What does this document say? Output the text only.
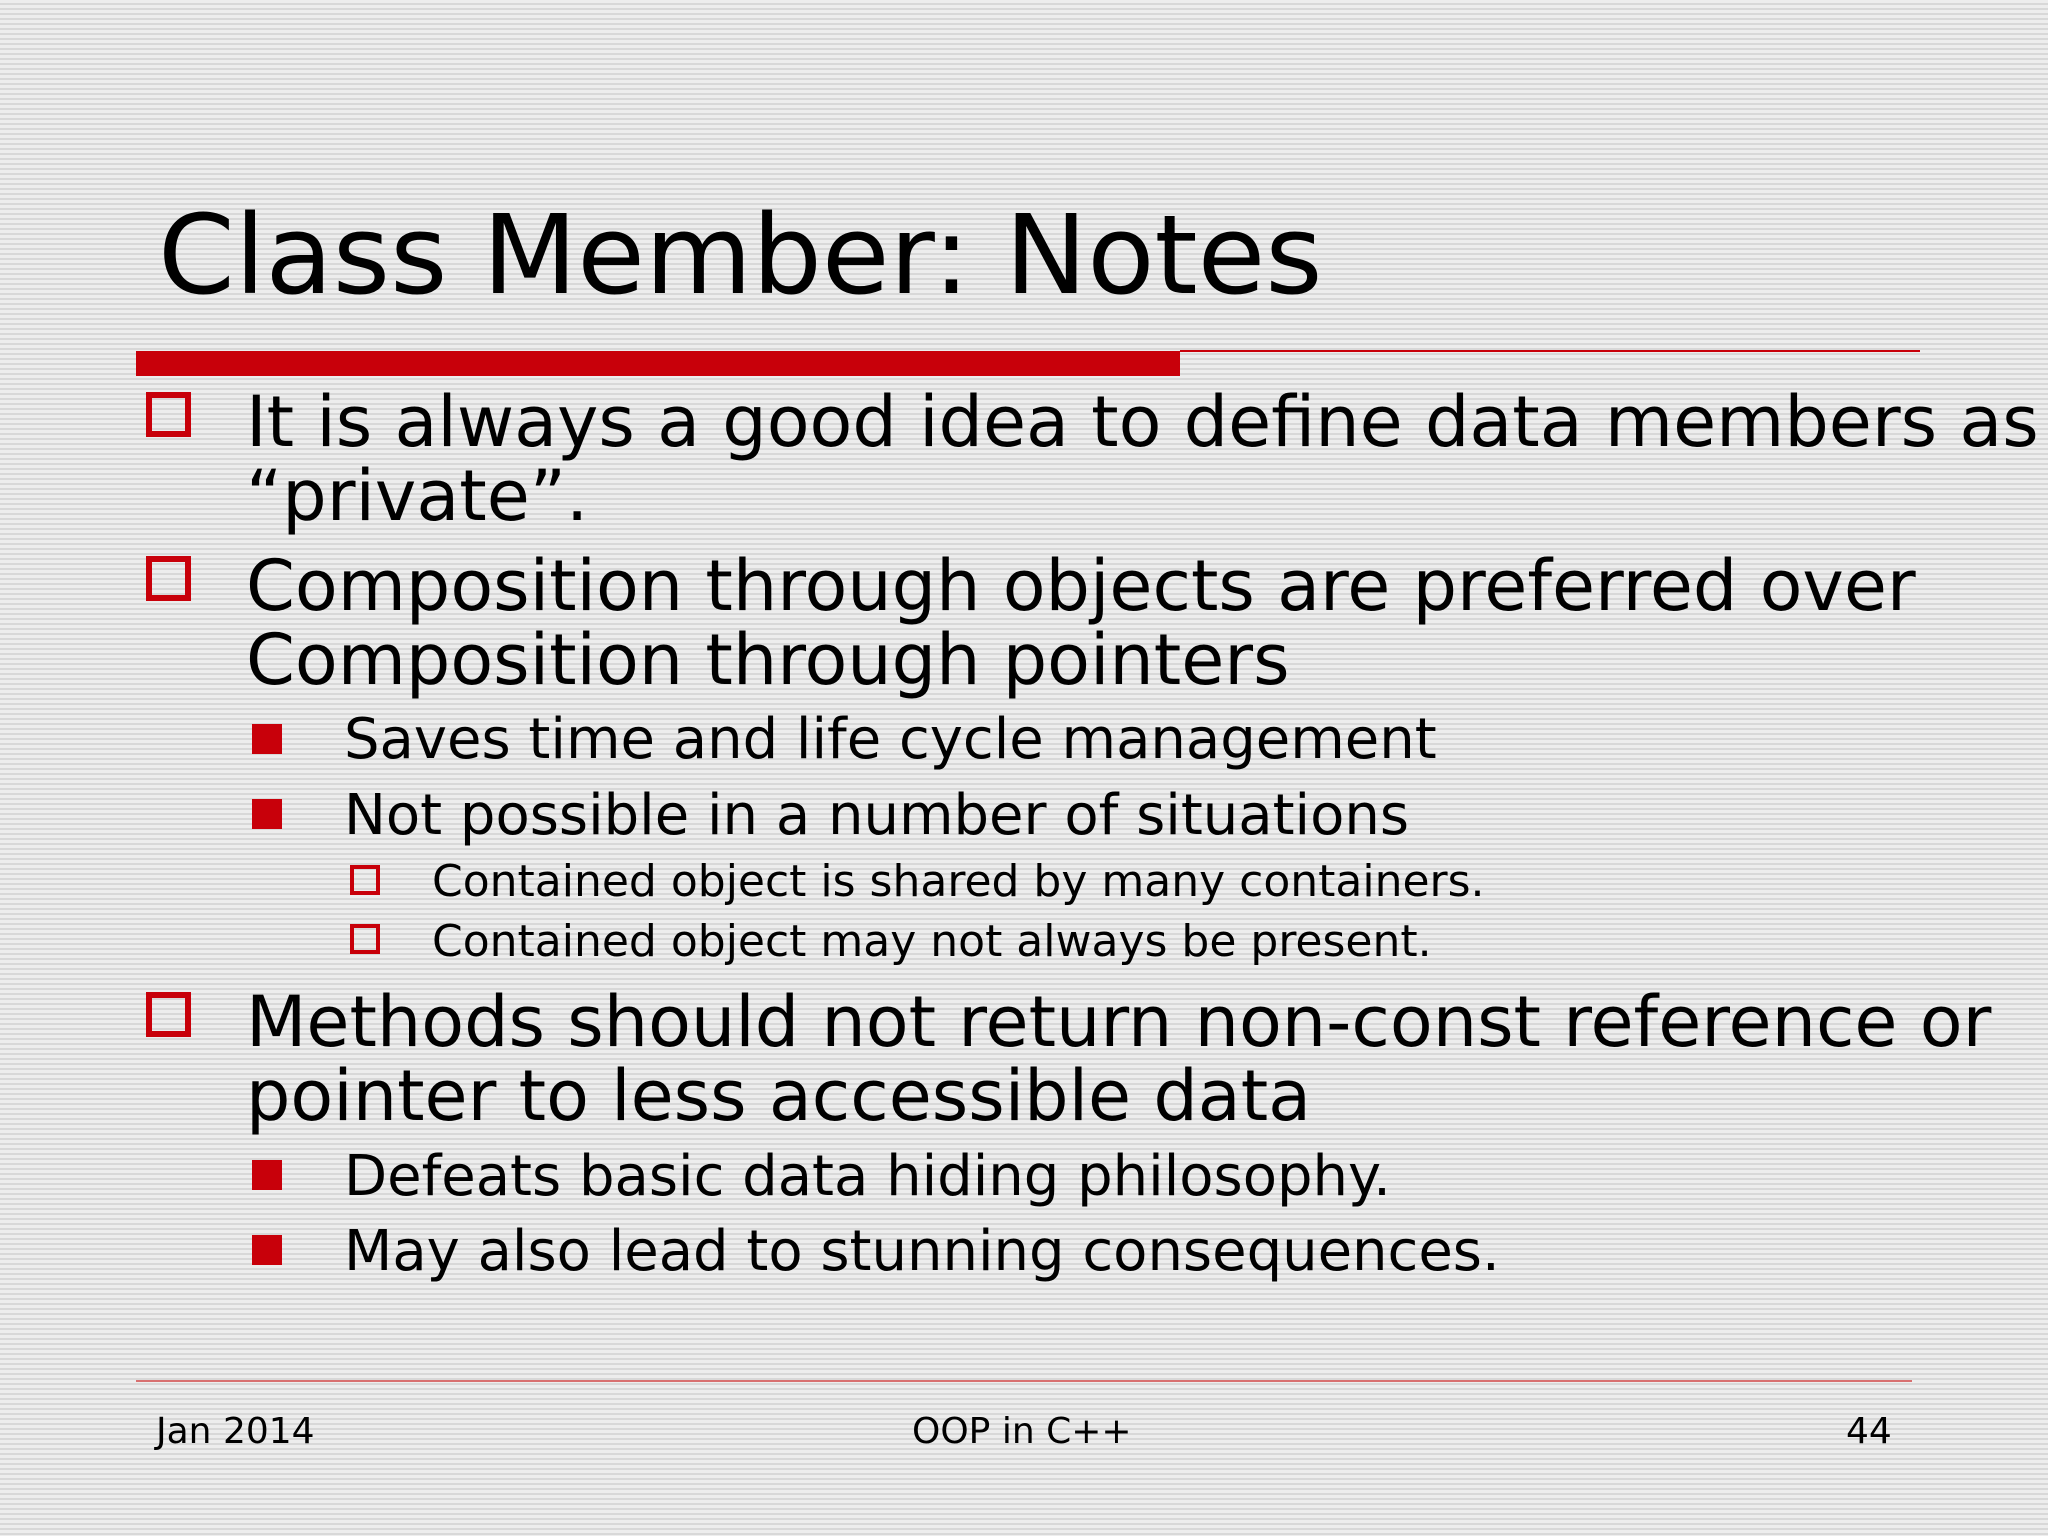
Class Member: Notes
It is always a good idea to define data members as
“private”.
Composition through objects are preferred over
Composition through pointers
Saves time and life cycle management
Not possible in a number of situations
Contained object is shared by many containers.
Contained object may not always be present.
Methods should not return non-const reference or
pointer to less accessible data
Defeats basic data hiding philosophy.
May also lead to stunning consequences.
Jan 2014	OOP in C++	44
